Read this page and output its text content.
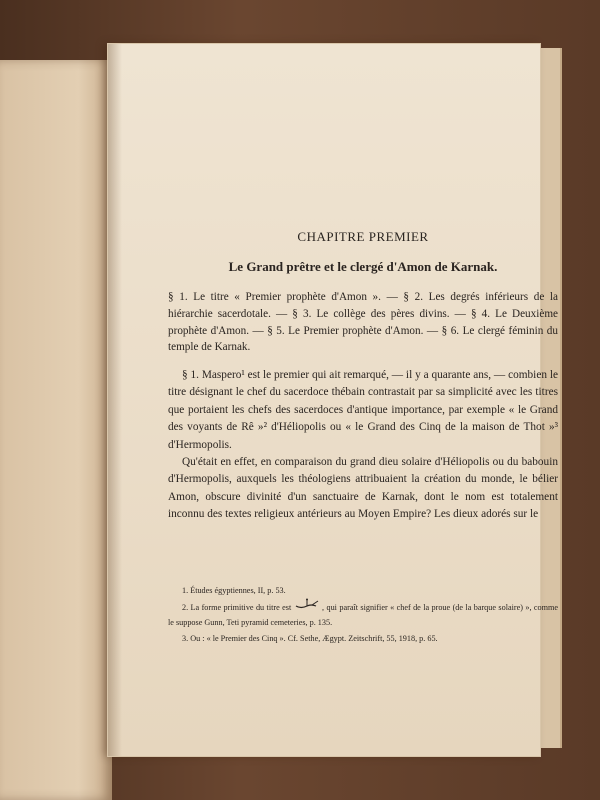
CHAPITRE PREMIER
Le Grand prêtre et le clergé d'Amon de Karnak.

§ 1. Le titre « Premier prophète d'Amon ». — § 2. Les degrés inférieurs de la hiérarchie sacerdotale. — § 3. Le collège des pères divins. — § 4. Le Deuxième prophète d'Amon. — § 5. Le Premier prophète d'Amon. — § 6. Le clergé féminin du temple de Karnak.

§ 1. Maspero¹ est le premier qui ait remarqué, — il y a quarante ans, — combien le titre désignant le chef du sacerdoce thébain contrastait par sa simplicité avec les titres que portaient les chefs des sacerdoces d'antique importance, par exemple « le Grand des voyants de Rê »² d'Héliopolis ou « le Grand des Cinq de la maison de Thot »³ d'Hermopolis.

Qu'était en effet, en comparaison du grand dieu solaire d'Héliopolis ou du babouin d'Hermopolis, auxquels les théologiens attribuaient la création du monde, le bélier Amon, obscure divinité d'un sanctuaire de Karnak, dont le nom est totalement inconnu des textes religieux antérieurs au Moyen Empire? Les dieux adorés sur le

1. Études égyptiennes, II, p. 53.

2. La forme primitive du titre est	, qui paraît signifier « chef de la proue (de la barque solaire) », comme le suppose Gunn, Teti pyramid cemeteries, p. 135.

3. Ou : « le Premier des Cinq ». Cf. Sethe, Ægypt. Zeitschrift, 55, 1918, p. 65.
